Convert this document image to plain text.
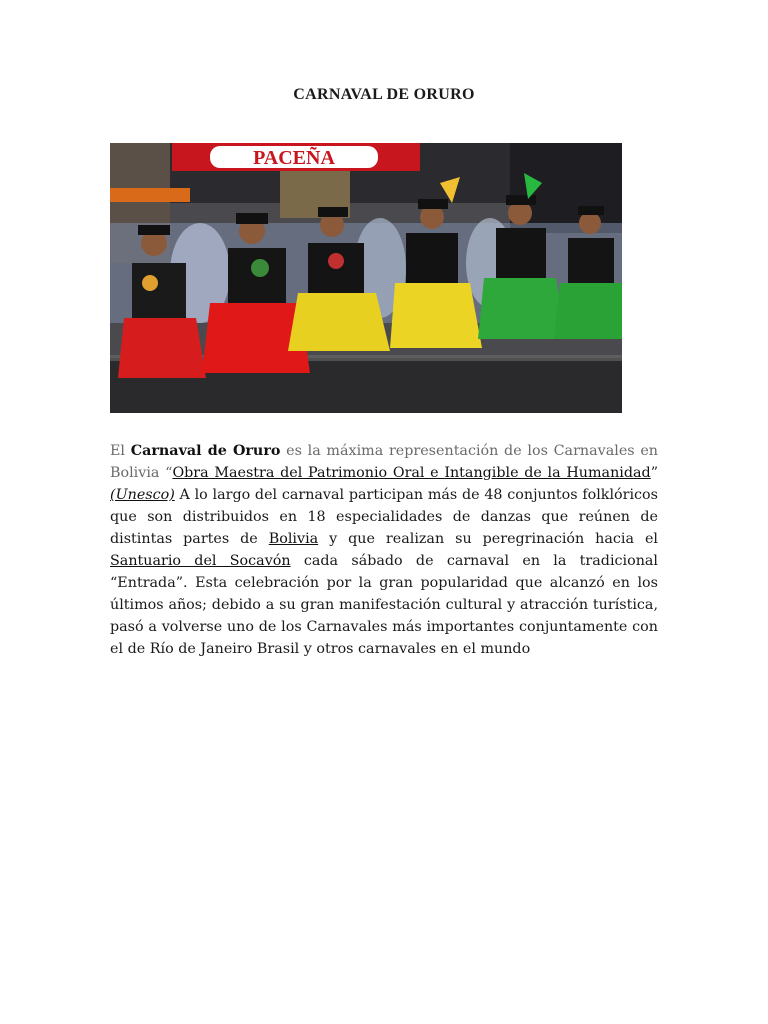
CARNAVAL DE ORURO
PACEÑA
El Carnaval de Oruro es la máxima representación de los Carnavales en Bolivia “Obra Maestra del Patrimonio Oral e Intangible de la Humanidad” (Unesco) A lo largo del carnaval participan más de 48 conjuntos folklóricos que son distribuidos en 18 especialidades de danzas que reúnen de distintas partes de Bolivia y que realizan su peregrinación hacia el Santuario del Socavón cada sábado de carnaval en la tradicional “Entrada”. Esta celebración por la gran popularidad que alcanzó en los últimos años; debido a su gran manifestación cultural y atracción turística, pasó a volverse uno de los Carnavales más importantes conjuntamente con el de Río de Janeiro Brasil y otros carnavales en el mundo
